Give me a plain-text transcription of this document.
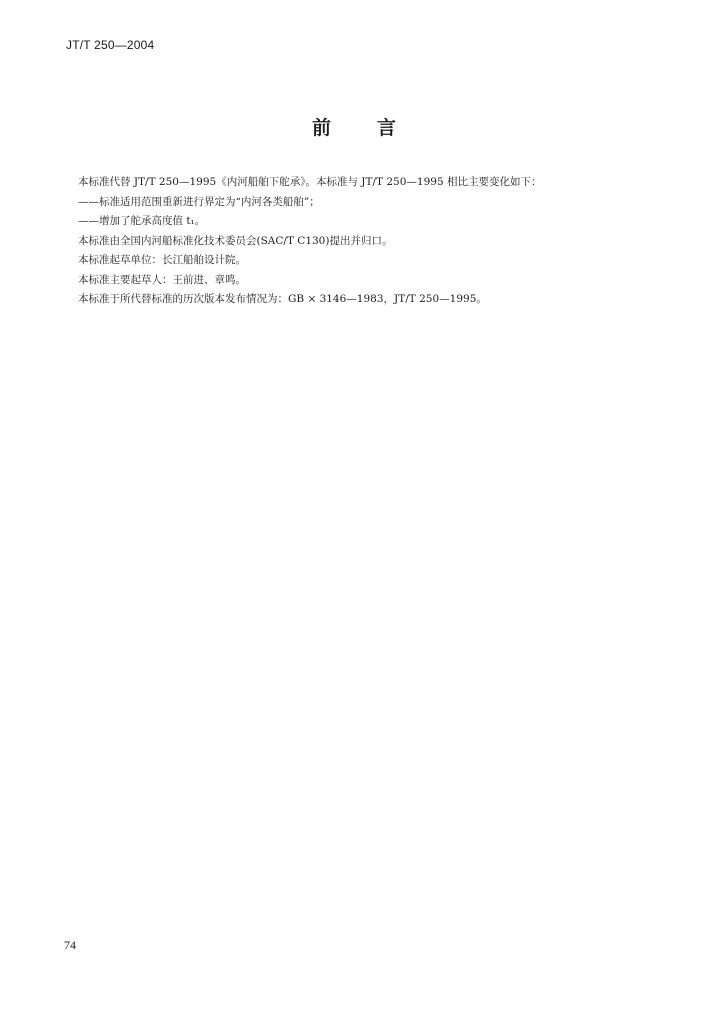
JT/T 250—2004
前 言

本标准代替 JT/T 250—1995《内河船舶下舵承》。本标准与 JT/T 250—1995 相比主要变化如下：

——标准适用范围重新进行界定为“内河各类船舶”；

——增加了舵承高度值 t₁。

本标准由全国内河船标准化技术委员会(SAC/T C130)提出并归口。

本标准起草单位：长江船舶设计院。

本标准主要起草人：王前进、章鸣。

本标准于所代替标准的历次版本发布情况为：GB × 3146—1983，JT/T 250—1995。

74
